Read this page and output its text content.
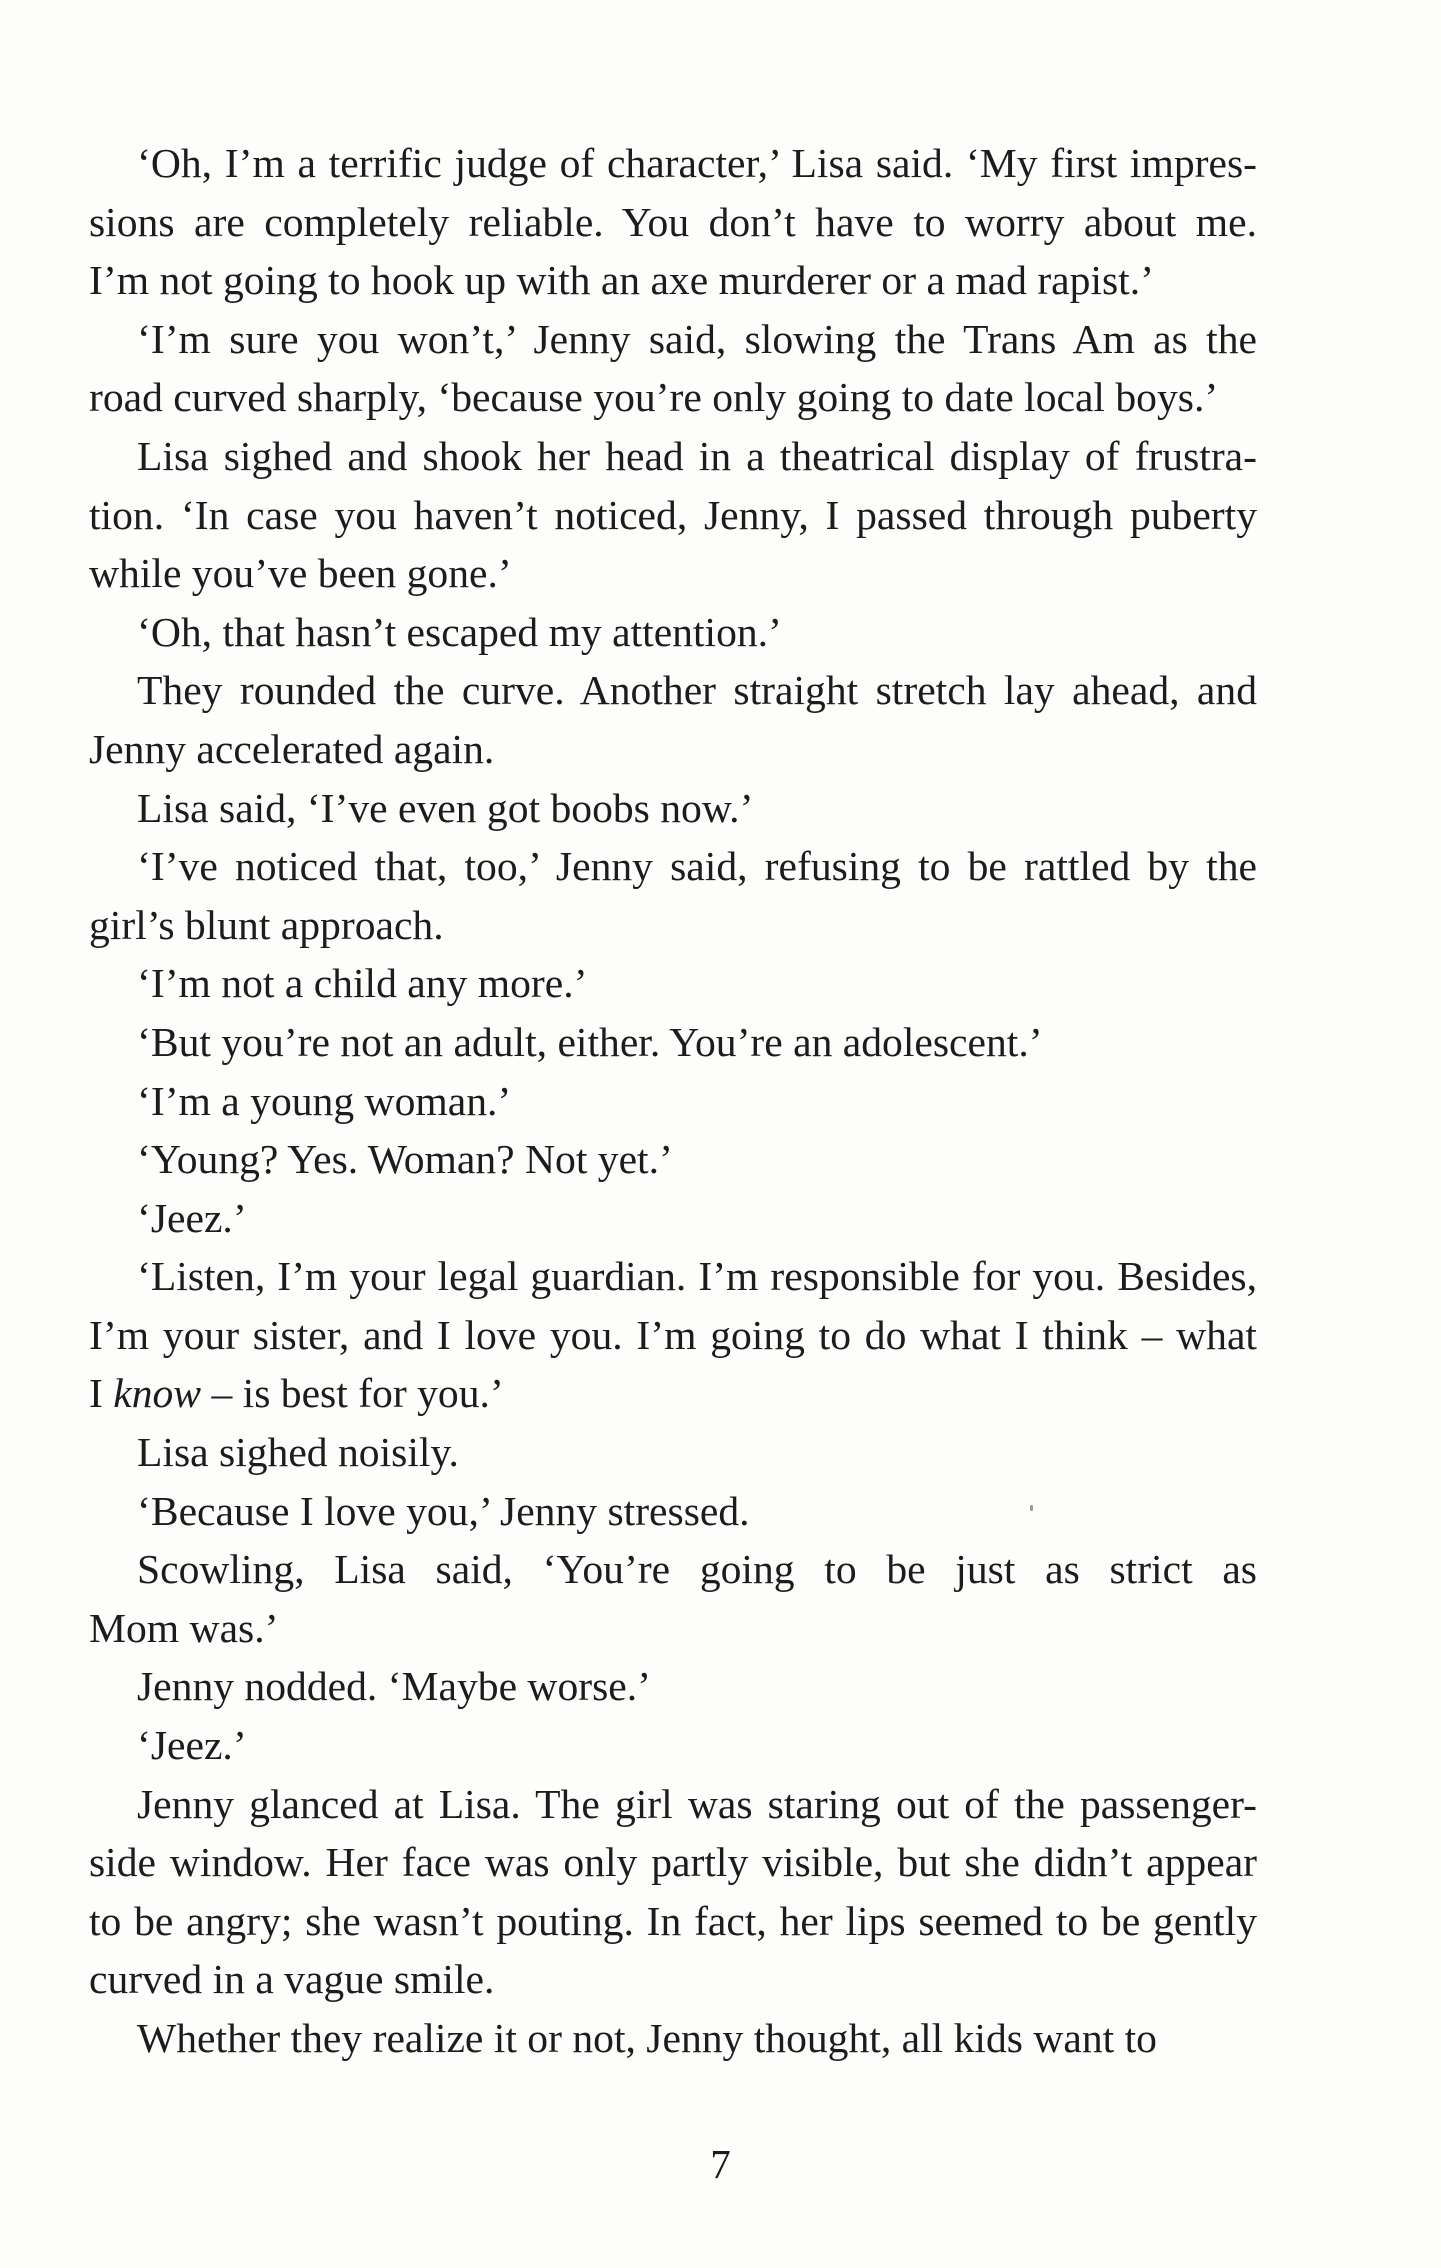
‘Oh, I’m a terrific judge of character,’ Lisa said. ‘My first impres-
sions are completely reliable. You don’t have to worry about me.
I’m not going to hook up with an axe murderer or a mad rapist.’
‘I’m sure you won’t,’ Jenny said, slowing the Trans Am as the
road curved sharply, ‘because you’re only going to date local boys.’
Lisa sighed and shook her head in a theatrical display of frustra-
tion. ‘In case you haven’t noticed, Jenny, I passed through puberty
while you’ve been gone.’
‘Oh, that hasn’t escaped my attention.’
They rounded the curve. Another straight stretch lay ahead, and
Jenny accelerated again.
Lisa said, ‘I’ve even got boobs now.’
‘I’ve noticed that, too,’ Jenny said, refusing to be rattled by the
girl’s blunt approach.
‘I’m not a child any more.’
‘But you’re not an adult, either. You’re an adolescent.’
‘I’m a young woman.’
‘Young? Yes. Woman? Not yet.’
‘Jeez.’
‘Listen, I’m your legal guardian. I’m responsible for you. Besides,
I’m your sister, and I love you. I’m going to do what I think – what
I know – is best for you.’
Lisa sighed noisily.
‘Because I love you,’ Jenny stressed.
Scowling, Lisa said, ‘You’re going to be just as strict as
Mom was.’
Jenny nodded. ‘Maybe worse.’
‘Jeez.’
Jenny glanced at Lisa. The girl was staring out of the passenger-
side window. Her face was only partly visible, but she didn’t appear
to be angry; she wasn’t pouting. In fact, her lips seemed to be gently
curved in a vague smile.
Whether they realize it or not, Jenny thought, all kids want to
7
